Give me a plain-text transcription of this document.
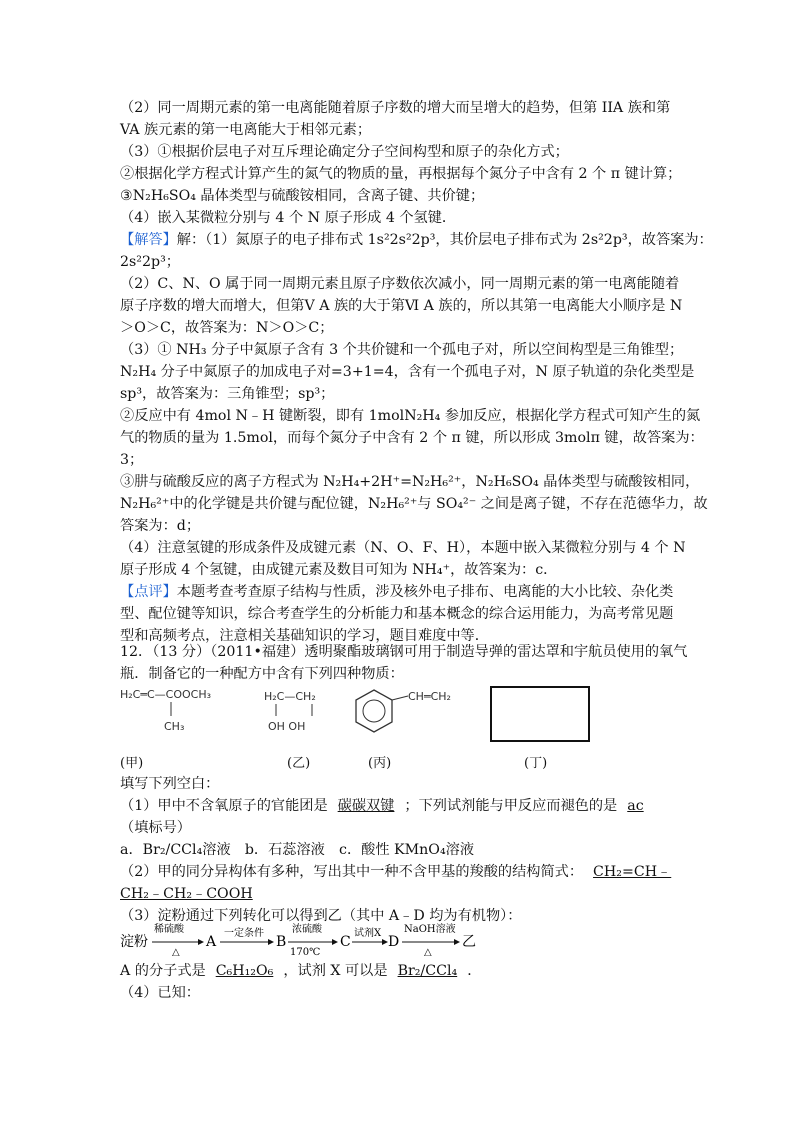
（2）同一周期元素的第一电离能随着原子序数的增大而呈增大的趋势，但第 IIA 族和第
VA 族元素的第一电离能大于相邻元素；
（3）①根据价层电子对互斥理论确定分子空间构型和原子的杂化方式；
②根据化学方程式计算产生的氮气的物质的量，再根据每个氮分子中含有 2 个 π 键计算；
③N₂H₆SO₄ 晶体类型与硫酸铵相同，含离子键、共价键；
（4）嵌入某微粒分别与 4 个 N 原子形成 4 个氢键．
【解答】解：（1）氮原子的电子排布式 1s²2s²2p³，其价层电子排布式为 2s²2p³，故答案为：
2s²2p³；
（2）C、N、O 属于同一周期元素且原子序数依次减小，同一周期元素的第一电离能随着
原子序数的增大而增大，但第Ⅴ A 族的大于第Ⅵ A 族的，所以其第一电离能大小顺序是 N
＞O＞C，故答案为：N＞O＞C；
（3）① NH₃ 分子中氮原子含有 3 个共价键和一个孤电子对，所以空间构型是三角锥型；
N₂H₄ 分子中氮原子的加成电子对=3+1=4，含有一个孤电子对，N 原子轨道的杂化类型是
sp³，故答案为：三角锥型；sp³；
②反应中有 4mol N﹣H 键断裂，即有 1molN₂H₄ 参加反应，根据化学方程式可知产生的氮
气的物质的量为 1.5mol，而每个氮分子中含有 2 个 π 键，所以形成 3molπ 键，故答案为：
3；
③肼与硫酸反应的离子方程式为 N₂H₄+2H⁺=N₂H₆²⁺，N₂H₆SO₄ 晶体类型与硫酸铵相同，
N₂H₆²⁺中的化学键是共价键与配位键，N₂H₆²⁺与 SO₄²⁻ 之间是离子键，不存在范德华力，故
答案为：d；
（4）注意氢键的形成条件及成键元素（N、O、F、H），本题中嵌入某微粒分别与 4 个 N
原子形成 4 个氢键，由成键元素及数目可知为 NH₄⁺，故答案为：c．
【点评】本题考查考查原子结构与性质，涉及核外电子排布、电离能的大小比较、杂化类
型、配位键等知识，综合考查学生的分析能力和基本概念的综合运用能力，为高考常见题
型和高频考点，注意相关基础知识的学习，题目难度中等．
12．（13 分）（2011•福建）透明聚酯玻璃钢可用于制造导弹的雷达罩和宇航员使用的氧气
瓶．制备它的一种配方中含有下列四种物质：
H₂C═C—COOCH₃
CH₃
H₂C—CH₂
OH OH
CH═CH₂
(甲)	(乙)	(丙)	(丁)
填写下列空白：
（1）甲中不含氧原子的官能团是 碳碳双键 ；下列试剂能与甲反应而褪色的是 ac
（填标号）
a．Br₂/CCl₄溶液　b．石蕊溶液　c．酸性 KMnO₄溶液
（2）甲的同分异构体有多种，写出其中一种不含甲基的羧酸的结构简式： CH₂=CH﹣
CH₂﹣CH₂﹣COOH
（3）淀粉通过下列转化可以得到乙（其中 A﹣D 均为有机物）：
淀粉
稀硫酸
△
A
一定条件
B
浓硫酸
170℃
C
试剂X
D
NaOH溶液
△
乙
A 的分子式是 C₆H₁₂O₆ ，试剂 X 可以是 Br₂/CCl₄ ．
（4）已知：
